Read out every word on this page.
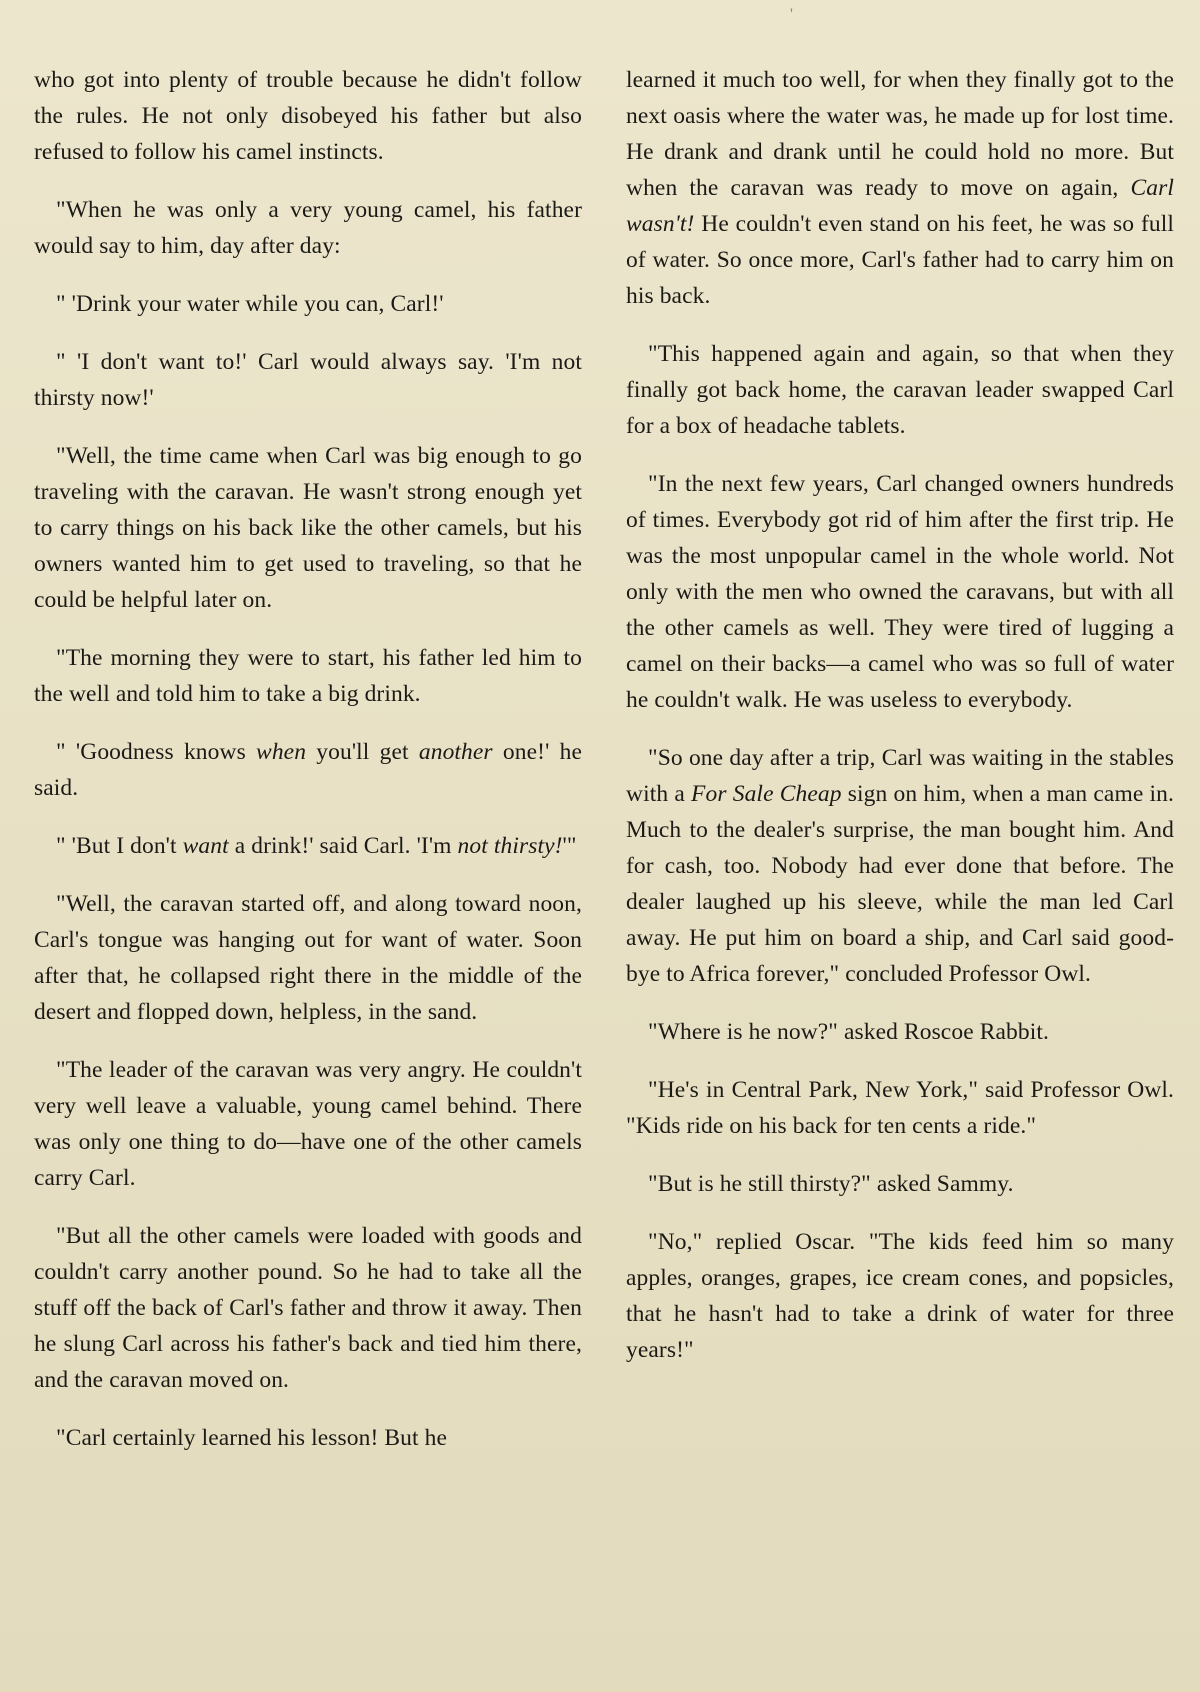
'

who got into plenty of trouble because he didn't follow the rules. He not only disobeyed his father but also refused to follow his camel instincts.

"When he was only a very young camel, his father would say to him, day after day:

" 'Drink your water while you can, Carl!'

" 'I don't want to!' Carl would always say. 'I'm not thirsty now!'

"Well, the time came when Carl was big enough to go traveling with the caravan. He wasn't strong enough yet to carry things on his back like the other camels, but his owners wanted him to get used to traveling, so that he could be helpful later on.

"The morning they were to start, his father led him to the well and told him to take a big drink.

" 'Goodness knows when you'll get another one!' he said.

" 'But I don't want a drink!' said Carl. 'I'm not thirsty!'"

"Well, the caravan started off, and along toward noon, Carl's tongue was hanging out for want of water. Soon after that, he collapsed right there in the middle of the desert and flopped down, helpless, in the sand.

"The leader of the caravan was very angry. He couldn't very well leave a valuable, young camel behind. There was only one thing to do—have one of the other camels carry Carl.

"But all the other camels were loaded with goods and couldn't carry another pound. So he had to take all the stuff off the back of Carl's father and throw it away. Then he slung Carl across his father's back and tied him there, and the caravan moved on.

"Carl certainly learned his lesson! But he

learned it much too well, for when they finally got to the next oasis where the water was, he made up for lost time. He drank and drank until he could hold no more. But when the caravan was ready to move on again, Carl wasn't! He couldn't even stand on his feet, he was so full of water. So once more, Carl's father had to carry him on his back.

"This happened again and again, so that when they finally got back home, the caravan leader swapped Carl for a box of headache tablets.

"In the next few years, Carl changed owners hundreds of times. Everybody got rid of him after the first trip. He was the most unpopular camel in the whole world. Not only with the men who owned the caravans, but with all the other camels as well. They were tired of lugging a camel on their backs—a camel who was so full of water he couldn't walk. He was useless to everybody.

"So one day after a trip, Carl was waiting in the stables with a For Sale Cheap sign on him, when a man came in. Much to the dealer's surprise, the man bought him. And for cash, too. Nobody had ever done that before. The dealer laughed up his sleeve, while the man led Carl away. He put him on board a ship, and Carl said good-bye to Africa forever," concluded Professor Owl.

"Where is he now?" asked Roscoe Rabbit.

"He's in Central Park, New York," said Professor Owl. "Kids ride on his back for ten cents a ride."

"But is he still thirsty?" asked Sammy.

"No," replied Oscar. "The kids feed him so many apples, oranges, grapes, ice cream cones, and popsicles, that he hasn't had to take a drink of water for three years!"
